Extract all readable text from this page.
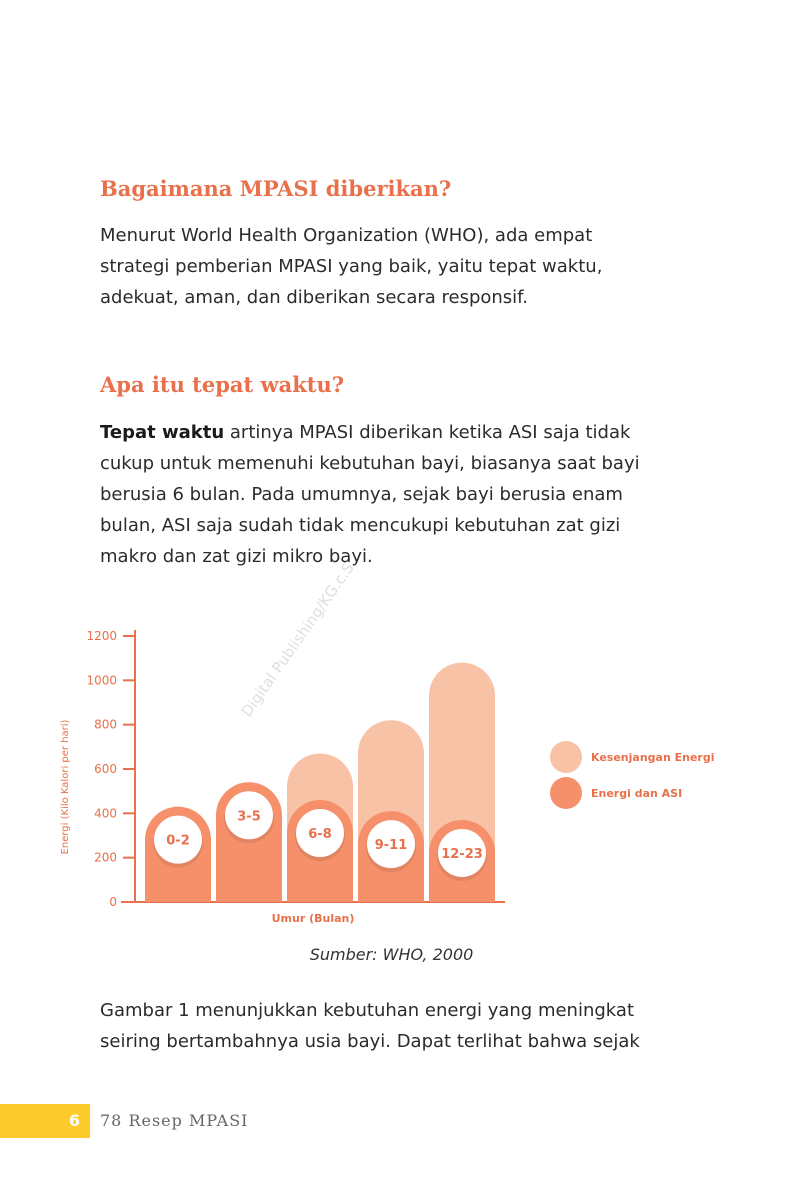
Bagaimana MPASI diberikan?

Menurut World Health Organization (WHO), ada empat
strategi pemberian MPASI yang baik, yaitu tepat waktu,
adekuat, aman, dan diberikan secara responsif.

Apa itu tepat waktu?

Tepat waktu artinya MPASI diberikan ketika ASI saja tidak
cukup untuk memenuhi kebutuhan bayi, biasanya saat bayi
berusia 6 bulan. Pada umumnya, sejak bayi berusia enam
bulan, ASI saja sudah tidak mencukupi kebutuhan zat gizi
makro dan zat gizi mikro bayi.

Digital Publishing/KG.c.S.
0
200
400
600
800
1000
1200
Energi (Kilo Kalori per hari)
Umur (Bulan)
0-2
3-5
6-8
9-11
12-23
Kesenjangan Energi
Energi dan ASI

Sumber: WHO, 2000

Gambar 1 menunjukkan kebutuhan energi yang meningkat
seiring bertambahnya usia bayi. Dapat terlihat bahwa sejak

6 78 Resep MPASI
